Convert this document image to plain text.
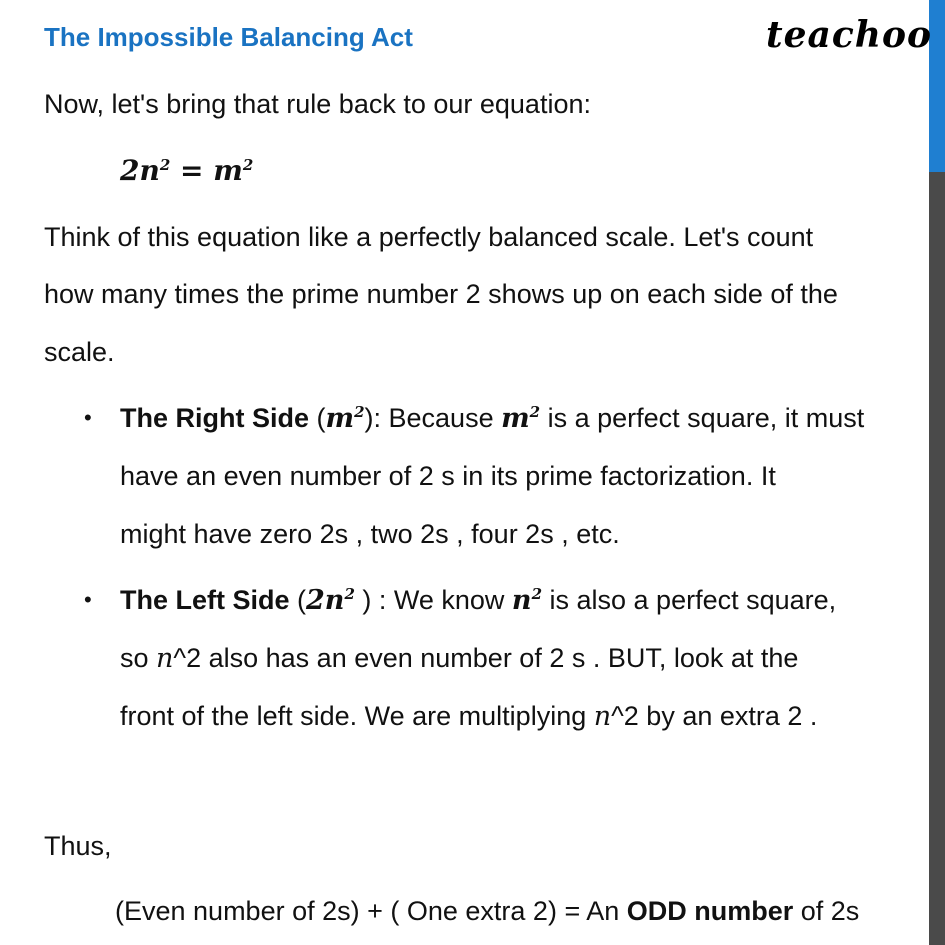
The Impossible Balancing Act	teachoo
Now, let's bring that rule back to our equation:
$2n^2 = m^2$
Think of this equation like a perfectly balanced scale. Let's count
how many times the prime number 2 shows up on each side of the
scale.
• The Right Side $(m^2)$: Because $m^2$ is a perfect square, it must
have an even number of 2 s in its prime factorization. It
might have zero 2s , two 2s , four 2s , etc.
• The Left Side ($2n^2$ ) : We know $n^2$ is also a perfect square,
so n^2 also has an even number of 2 s . BUT, look at the
front of the left side. We are multiplying n^2 by an extra 2 .
Thus,
(Even number of 2s) + ( One extra 2) = An ODD number of 2s
